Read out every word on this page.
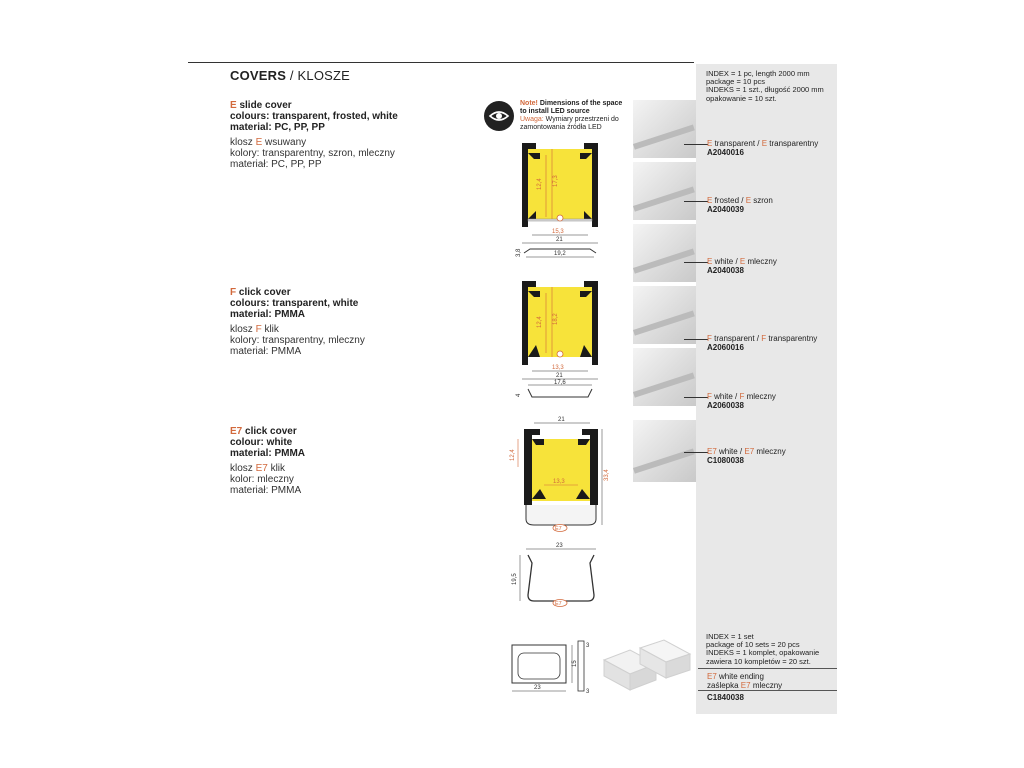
COVERS / KLOSZE
E slide cover
colours: transparent, frosted, white
material: PC, PP, PP
klosz E wsuwany
kolory: transparentny, szron, mleczny
materiał: PC, PP, PP
F click cover
colours: transparent, white
material: PMMA
klosz F klik
kolory: transparentny, mleczny
materiał: PMMA
E7 click cover
colour: white
material: PMMA
klosz E7 klik
kolor: mleczny
materiał: PMMA
Note! Dimensions of the space to install LED source
Uwaga: Wymiary przestrzeni do zamontowania źródła LED
12,4 17,3
15,3
21
19,2
3,8
12,4 18,2
13,3
21
17,6
4
21
E7
12,4
13,3
33,4
23
E7
19,5
23
15
3
3
INDEX = 1 pc, length 2000 mm
package = 10 pcs
INDEKS = 1 szt., długość 2000 mm
opakowanie = 10 szt.
E transparent / E transparentny
A2040016
E frosted / E szron
A2040039
E white / E mleczny
A2040038
F transparent / F transparentny
A2060016
F white / F mleczny
A2060038
E7 white / E7 mleczny
C1080038
INDEX = 1 set
package of 10 sets = 20 pcs
INDEKS = 1 komplet, opakowanie
zawiera 10 kompletów = 20 szt.
E7 white ending
zaślepka E7 mleczny
C1840038
